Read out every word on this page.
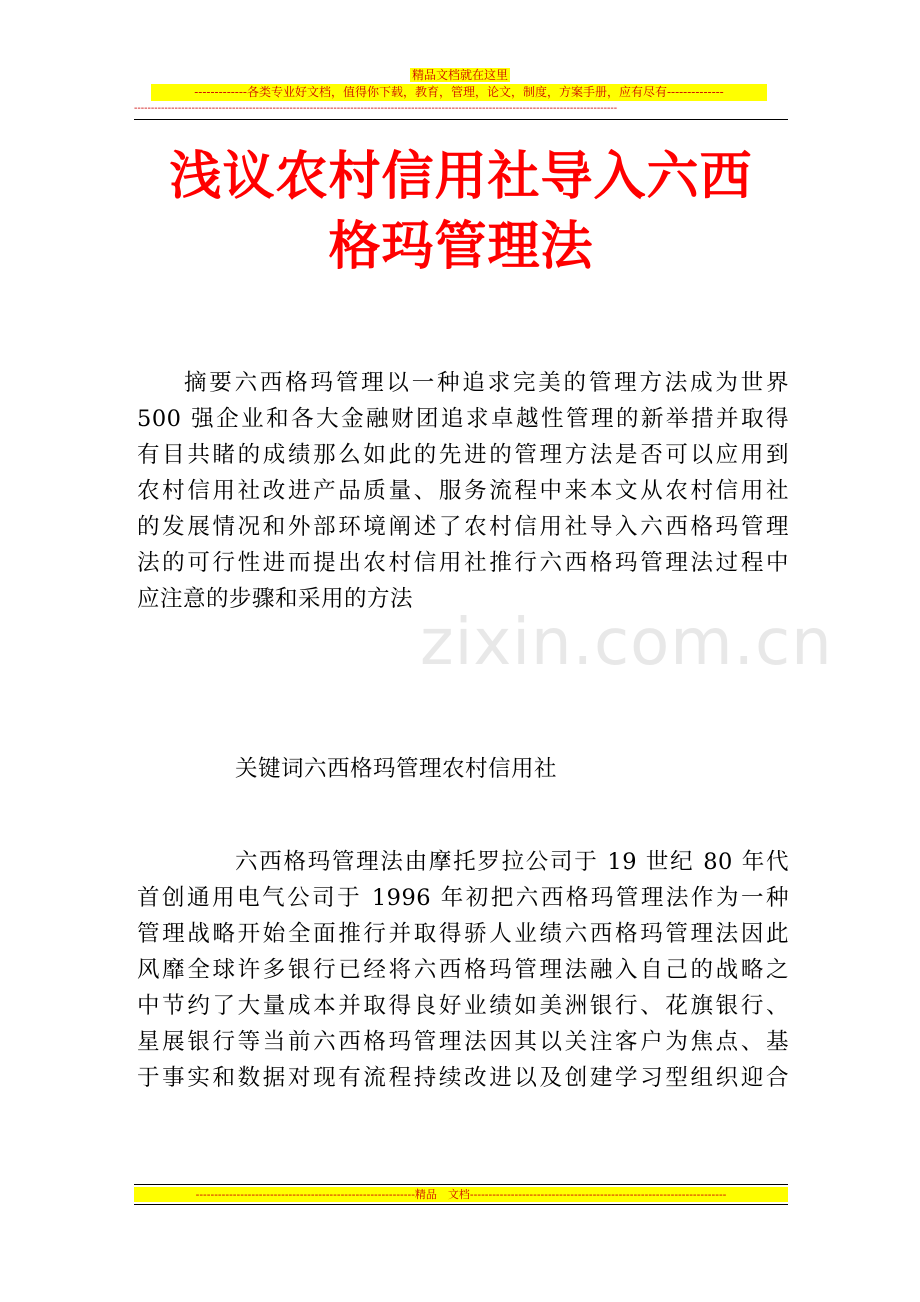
精品文档就在这里
-------------各类专业好文档，值得你下载，教育，管理，论文，制度，方案手册，应有尽有--------------
-----------------------------------------------------------------------------------------------------------------------------------------------
浅议农村信用社导入六西
格玛管理法
zixin.com.cn
摘要六西格玛管理以一种追求完美的管理方法成为世界
500 强企业和各大金融财团追求卓越性管理的新举措并取得
有目共睹的成绩那么如此的先进的管理方法是否可以应用到
农村信用社改进产品质量、服务流程中来本文从农村信用社
的发展情况和外部环境阐述了农村信用社导入六西格玛管理
法的可行性进而提出农村信用社推行六西格玛管理法过程中
应注意的步骤和采用的方法
关键词六西格玛管理农村信用社
六西格玛管理法由摩托罗拉公司于 19 世纪 80 年代
首创通用电气公司于 1996 年初把六西格玛管理法作为一种
管理战略开始全面推行并取得骄人业绩六西格玛管理法因此
风靡全球许多银行已经将六西格玛管理法融入自己的战略之
中节约了大量成本并取得良好业绩如美洲银行、花旗银行、
星展银行等当前六西格玛管理法因其以关注客户为焦点、基
于事实和数据对现有流程持续改进以及创建学习型组织迎合
-----------------------------------------------------------精品　文档---------------------------------------------------------------------
